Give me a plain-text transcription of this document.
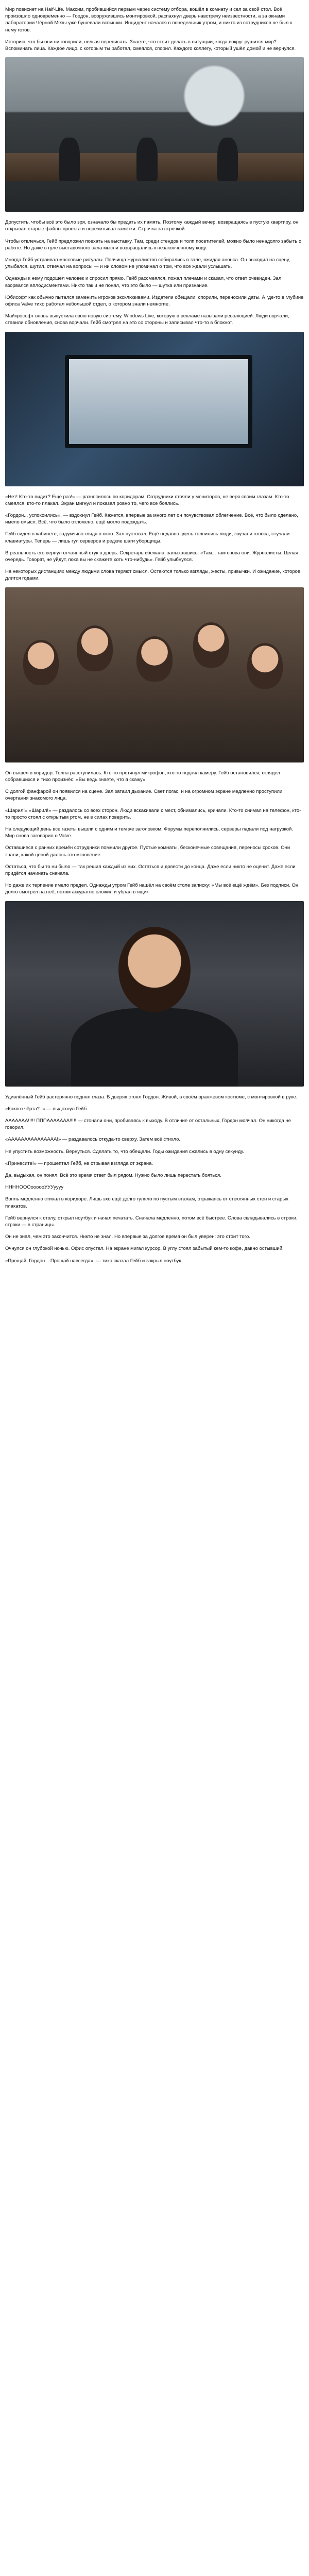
Мир повиснет на Half-Life. Максим, пробившийся первым через систему отбора, вошёл в комнату и сел за свой стол. Всё произошло одновременно — Гордон, вооружившись монтировкой, распахнул дверь навстречу неизвестности, а за окнами лаборатории Чёрной Мезы уже бушевали вспышки. Инцидент начался в понедельник утром, и никто из сотрудников не был к нему готов.

Историю, что бы они ни говорили, нельзя переписать. Знаете, что стоит делать в ситуации, когда вокруг рушится мир? Вспоминать лица. Каждое лицо, с которым ты работал, смеялся, спорил. Каждого коллегу, который ушёл домой и не вернулся.

Допустить, чтобы всё это было зря, означало бы предать их память. Поэтому каждый вечер, возвращаясь в пустую квартиру, он открывал старые файлы проекта и перечитывал заметки. Строчка за строчкой.

Чтобы отвлечься, Гейб предложил поехать на выставку. Там, среди стендов и толп посетителей, можно было ненадолго забыть о работе. Но даже в гуле выставочного зала мысли возвращались к незаконченному коду.

Иногда Гейб устраивал массовые ритуалы. Полчища журналистов собирались в зале, ожидая анонса. Он выходил на сцену, улыбался, шутил, отвечал на вопросы — и ни словом не упоминал о том, что все ждали услышать.

Однажды к нему подошёл человек и спросил прямо. Гейб рассмеялся, пожал плечами и сказал, что ответ очевиден. Зал взорвался аплодисментами. Никто так и не понял, что это было — шутка или признание.

Юбисофт как обычно пытался заменить игроков эксклюзивами. Издатели обещали, спорили, переносили даты. А где-то в глубине офиса Valve тихо работал небольшой отдел, о котором знали немногие.

Майкрософт вновь выпустила свою новую систему. Windows Live, которую в рекламе называли революцией. Люди ворчали, ставили обновления, снова ворчали. Гейб смотрел на это со стороны и записывал что-то в блокнот.

«Нет! Кто-то видит? Ещё раз!» — разносилось по коридорам. Сотрудники стояли у мониторов, не веря своим глазам. Кто-то смеялся, кто-то плакал. Экран мигнул и показал ровно то, чего все боялись.

«Гордон... успокоились», — вздохнул Гейб. Кажется, впервые за много лет он почувствовал облегчение. Всё, что было сделано, имело смысл. Всё, что было отложено, ещё могло подождать.

Гейб сидел в кабинете, задумчиво глядя в окно. Зал пустовал. Ещё недавно здесь толпились люди, звучали голоса, стучали клавиатуры. Теперь — лишь гул серверов и редкие шаги уборщицы.

В реальность его вернул отчаянный стук в дверь. Секретарь вбежала, запыхавшись: «Там... там снова они. Журналисты. Целая очередь. Говорят, не уйдут, пока вы не скажете хоть что-нибудь». Гейб улыбнулся.

На некоторых дистанциях между людьми слова теряют смысл. Остаются только взгляды, жесты, привычки. И ожидание, которое длится годами.

Он вышел в коридор. Толпа расступилась. Кто-то протянул микрофон, кто-то поднял камеру. Гейб остановился, оглядел собравшихся и тихо произнёс: «Вы ведь знаете, что я скажу».

С долгой фанфарой он появился на сцене. Зал затаил дыхание. Свет погас, и на огромном экране медленно проступили очертания знакомого лица.

«Шарил!» «Шарил!» — раздалось со всех сторон. Люди вскакивали с мест, обнимались, кричали. Кто-то снимал на телефон, кто-то просто стоял с открытым ртом, не в силах поверить.

На следующий день все газеты вышли с одним и тем же заголовком. Форумы переполнились, серверы падали под нагрузкой. Мир снова заговорил о Valve.

Оставшиеся с ранних времён сотрудники помнили другое. Пустые комнаты, бесконечные совещания, переносы сроков. Они знали, какой ценой далось это мгновение.

Остаться, что бы то ни было — так решил каждый из них. Остаться и довести до конца. Даже если никто не оценит. Даже если придётся начинать сначала.

Но даже их терпение имело предел. Однажды утром Гейб нашёл на своём столе записку: «Мы всё ещё ждём». Без подписи. Он долго смотрел на неё, потом аккуратно сложил и убрал в ящик.

Удивлённый Гейб растерянно поднял глаза. В дверях стоял Гордон. Живой, в своём оранжевом костюме, с монтировкой в руке.

«Какого чёрта?..» — выдохнул Гейб.

ААААААА!!!!! ПППААААААА!!!!! — стонали они, пробиваясь к выходу. В отличие от остальных, Гордон молчал. Он никогда не говорил.

«ААААААААААААААА!» — раздавалось откуда-то сверху. Затем всё стихло.

Не упустить возможность. Вернуться. Сделать то, что обещали. Годы ожидания сжались в одну секунду.

«Принесите!» — прошептал Гейб, не отрывая взгляда от экрана.

Да, выдыхая, он понял. Всё это время ответ был рядом. Нужно было лишь перестать бояться.

ННННОООоооооУУУуууу

Вопль медленно стихал в коридоре. Лишь эхо ещё долго гуляло по пустым этажам, отражаясь от стеклянных стен и старых плакатов.

Гейб вернулся к столу, открыл ноутбук и начал печатать. Сначала медленно, потом всё быстрее. Слова складывались в строки, строки — в страницы.

Он не знал, чем это закончится. Никто не знал. Но впервые за долгое время он был уверен: это стоит того.

Очнулся он глубокой ночью. Офис опустел. На экране мигал курсор. В углу стоял забытый кем-то кофе, давно остывший.

«Прощай, Гордон... Прощай навсегда», — тихо сказал Гейб и закрыл ноутбук.
